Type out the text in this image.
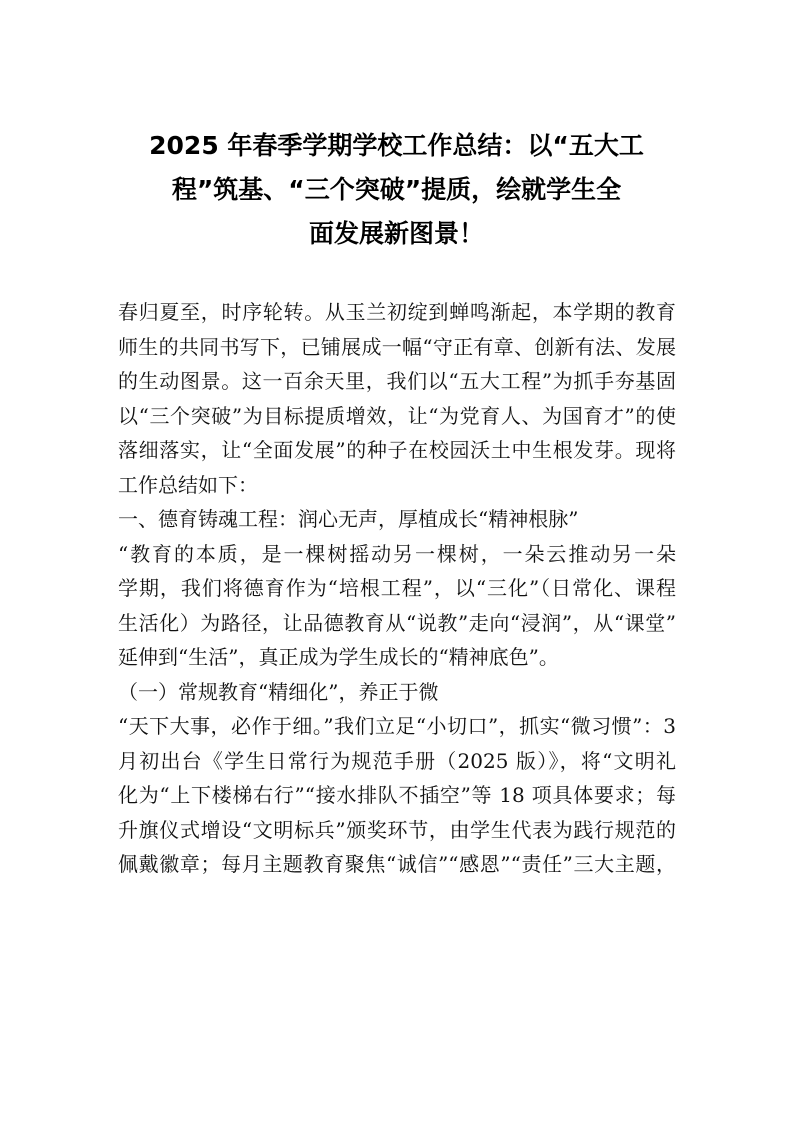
2025 年春季学期学校工作总结：以“五大工
程”筑基、“三个突破”提质，绘就学生全
面发展新图景！
春归夏至，时序轮转。从玉兰初绽到蝉鸣渐起，本学期的教育
师生的共同书写下，已铺展成一幅“守正有章、创新有法、发展
的生动图景。这一百余天里，我们以“五大工程”为抓手夯基固
以“三个突破”为目标提质增效，让“为党育人、为国育才”的使
落细落实，让“全面发展”的种子在校园沃土中生根发芽。现将
工作总结如下：
一、德育铸魂工程：润心无声，厚植成长“精神根脉”
“教育的本质，是一棵树摇动另一棵树，一朵云推动另一朵
学期，我们将德育作为“培根工程”，以“三化”（日常化、课程
生活化）为路径，让品德教育从“说教”走向“浸润”，从“课堂”
延伸到“生活”，真正成为学生成长的“精神底色”。
（一）常规教育“精细化”，养正于微
“天下大事，必作于细。”我们立足“小切口”，抓实“微习惯”：3
月初出台《学生日常行为规范手册（2025 版）》，将“文明礼
化为“上下楼梯右行”“接水排队不插空”等 18 项具体要求；每
升旗仪式增设“文明标兵”颁奖环节，由学生代表为践行规范的
佩戴徽章；每月主题教育聚焦“诚信”“感恩”“责任”三大主题，
